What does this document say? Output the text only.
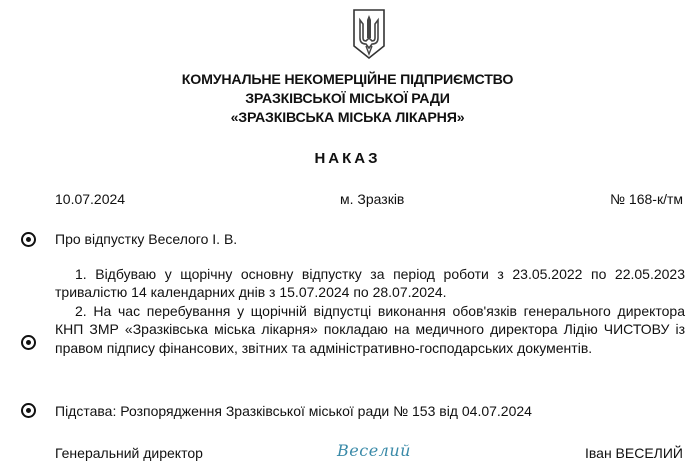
КОМУНАЛЬНЕ НЕКОМЕРЦІЙНЕ ПІДПРИЄМСТВО
ЗРАЗКІВСЬКОЇ МІСЬКОЇ РАДИ
«ЗРАЗКІВСЬКА МІСЬКА ЛІКАРНЯ»
НАКАЗ
10.07.2024	м. Зразків	№ 168-к/тм
Про відпустку Веселого І. В.

1. Відбуваю у щорічну основну відпустку за період роботи з 23.05.2022 по 22.05.2023 тривалістю 14 календарних днів з 15.07.2024 по 28.07.2024.

2. На час перебування у щорічній відпустці виконання обов'язків генерального директора КНП ЗМР «Зразківська міська лікарня» покладаю на медичного директора Лідію ЧИСТОВУ із правом підпису фінансових, звітних та адміністративно-господарських документів.

Підстава: Розпорядження Зразківської міської ради № 153 від 04.07.2024
Генеральний директор	Веселий	Іван ВЕСЕЛИЙ
